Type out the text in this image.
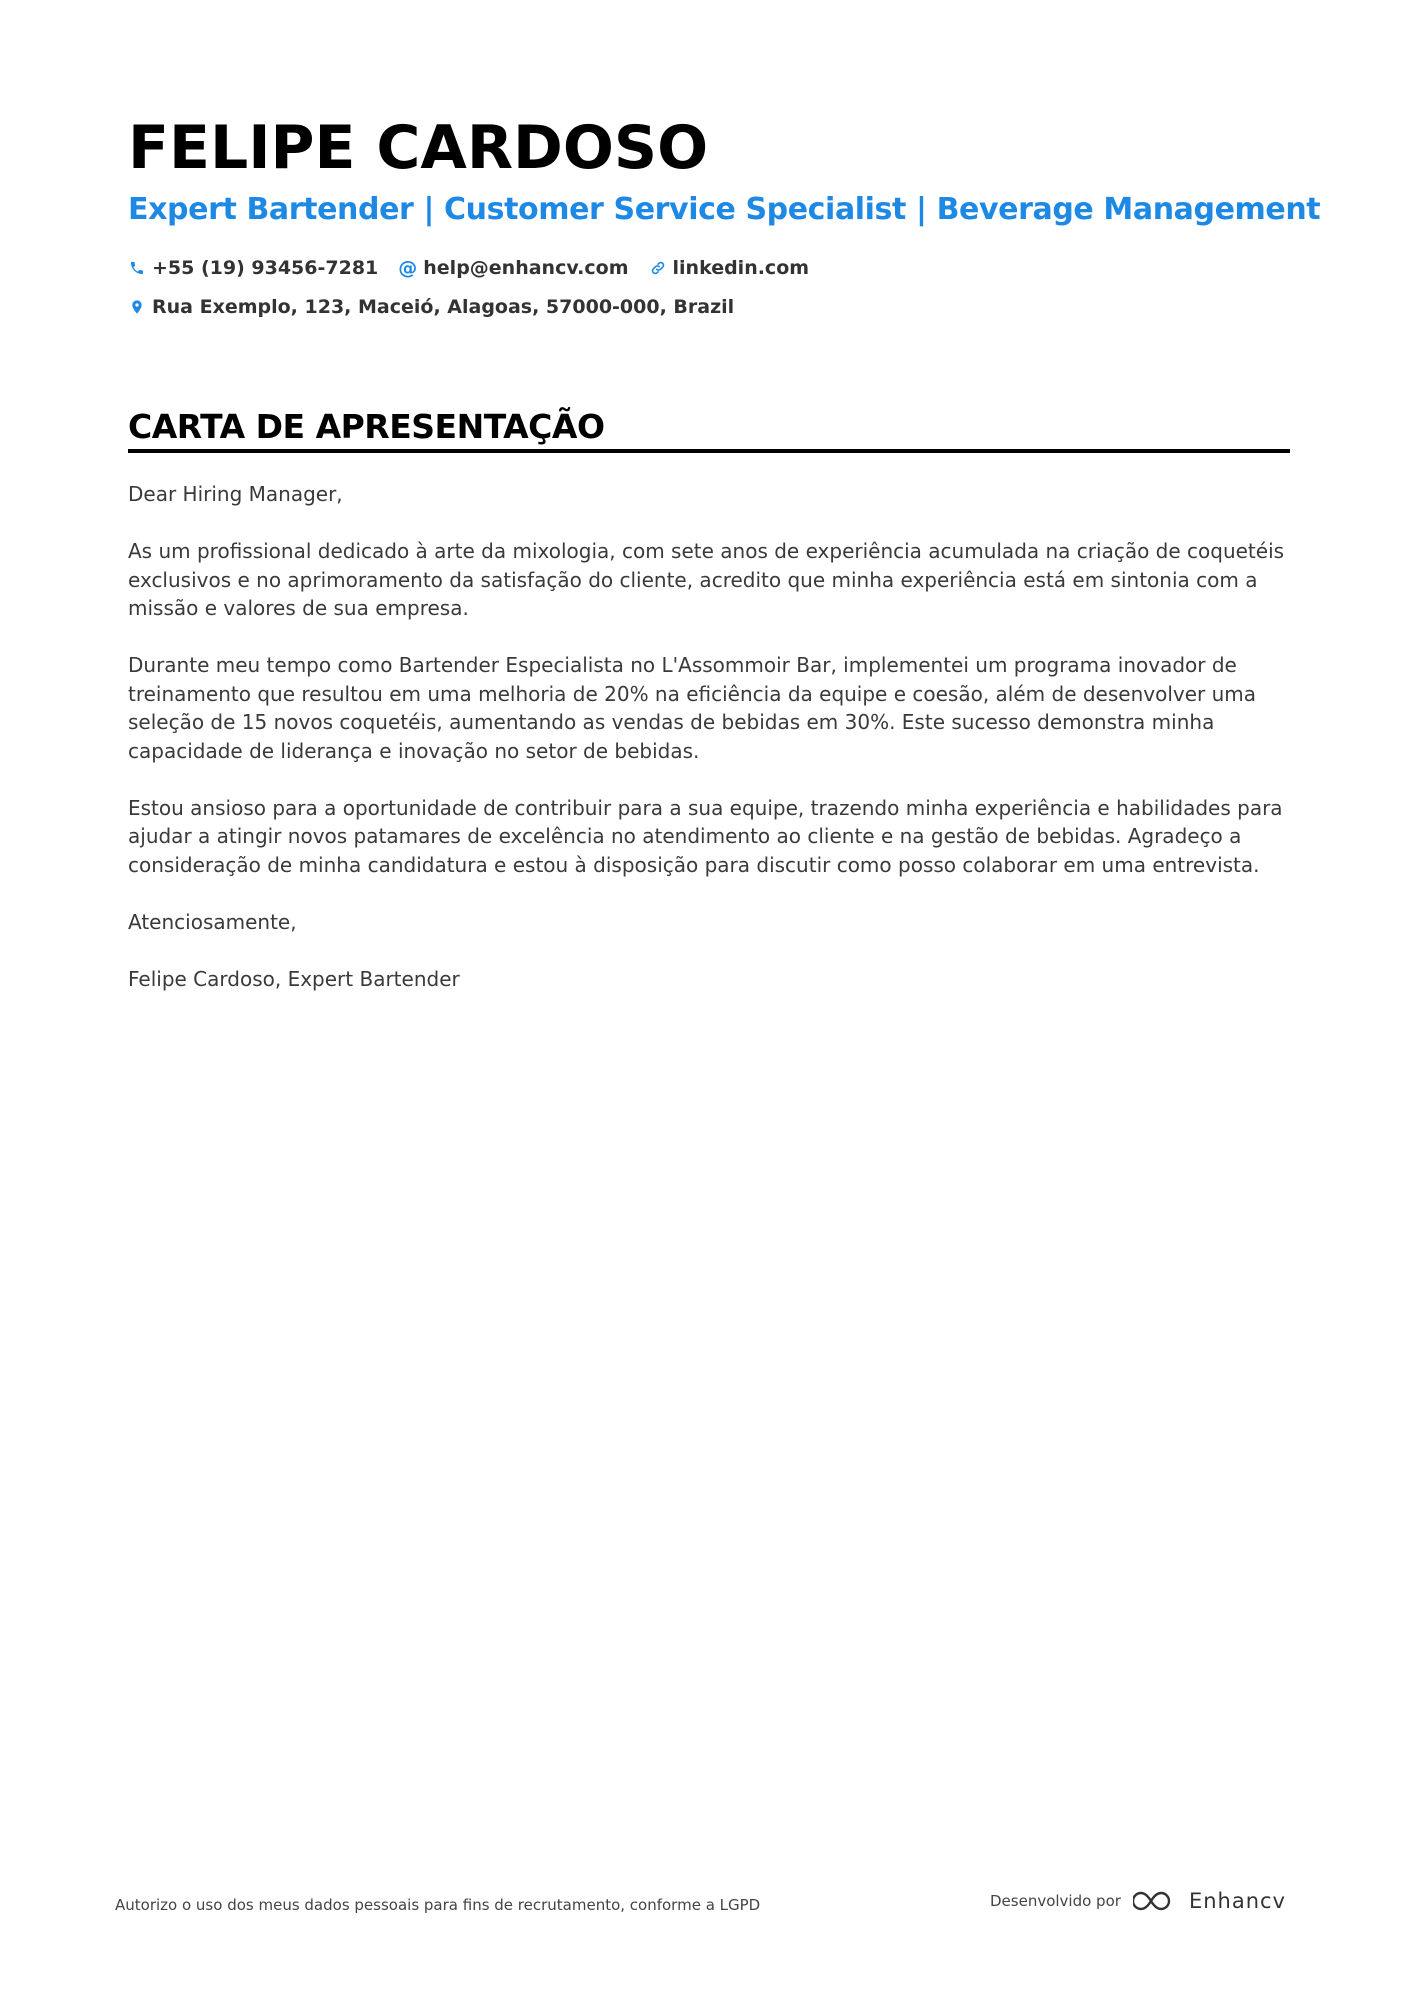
FELIPE CARDOSO
Expert Bartender | Customer Service Specialist | Beverage Management
+55 (19) 93456-7281 @ help@enhancv.com linkedin.com
Rua Exemplo, 123, Maceió, Alagoas, 57000-000, Brazil
CARTA DE APRESENTAÇÃO

Dear Hiring Manager,

As um profissional dedicado à arte da mixologia, com sete anos de experiência acumulada na criação de coquetéis exclusivos e no aprimoramento da satisfação do cliente, acredito que minha experiência está em sintonia com a missão e valores de sua empresa.

Durante meu tempo como Bartender Especialista no L'Assommoir Bar, implementei um programa inovador de treinamento que resultou em uma melhoria de 20% na eficiência da equipe e coesão, além de desenvolver uma seleção de 15 novos coquetéis, aumentando as vendas de bebidas em 30%. Este sucesso demonstra minha capacidade de liderança e inovação no setor de bebidas.

Estou ansioso para a oportunidade de contribuir para a sua equipe, trazendo minha experiência e habilidades para ajudar a atingir novos patamares de excelência no atendimento ao cliente e na gestão de bebidas. Agradeço a consideração de minha candidatura e estou à disposição para discutir como posso colaborar em uma entrevista.

Atenciosamente,

Felipe Cardoso, Expert Bartender

Autorizo o uso dos meus dados pessoais para fins de recrutamento, conforme a LGPD	Desenvolvido por	Enhancv
